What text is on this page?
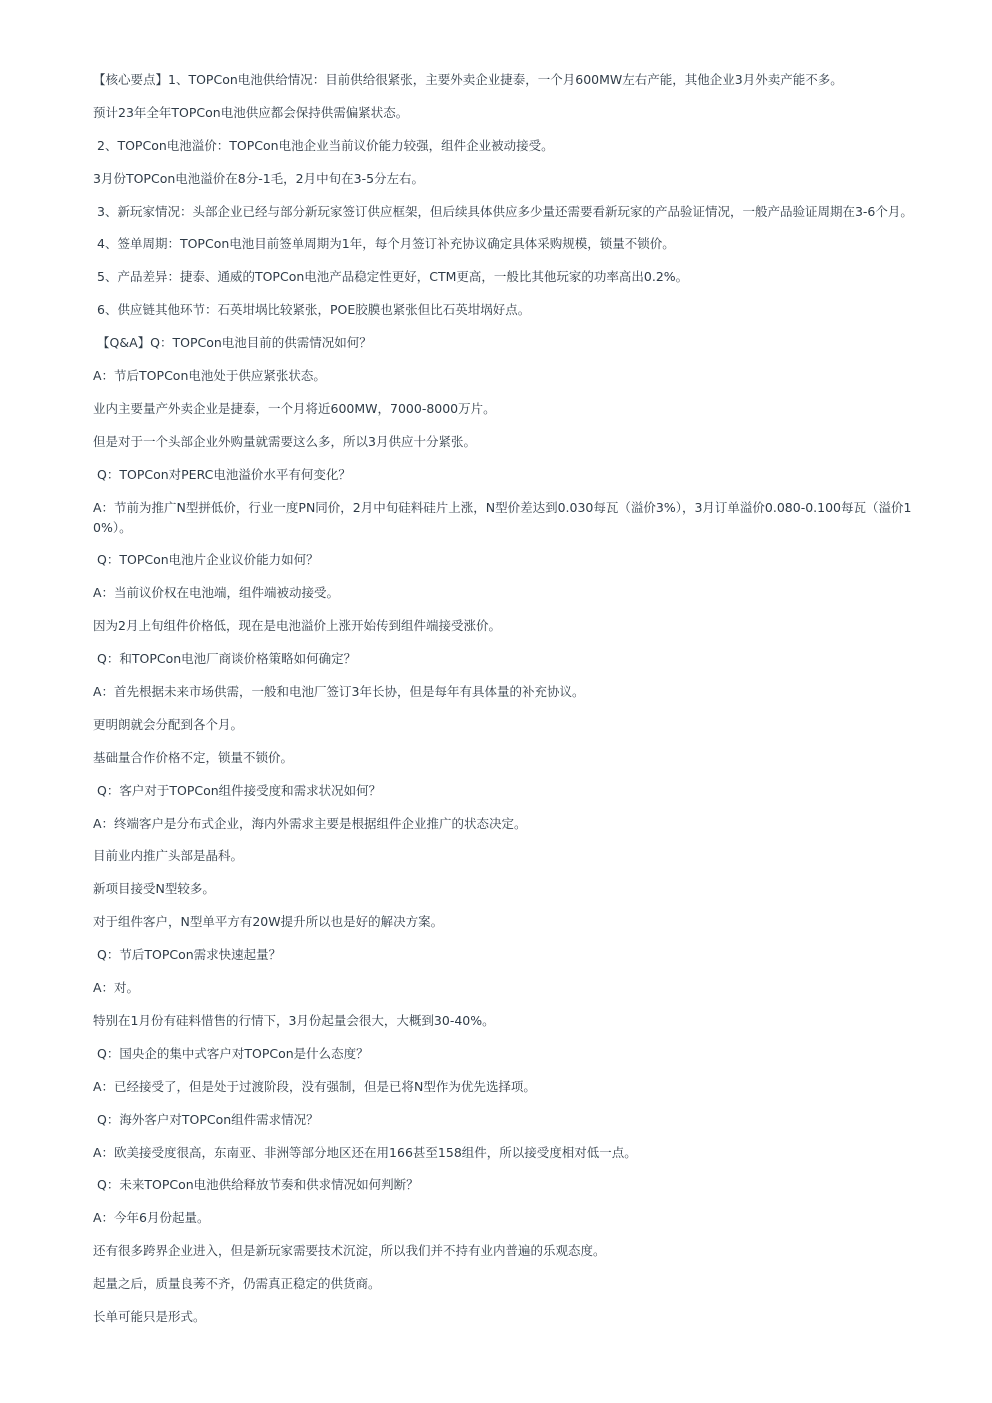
【核心要点】1、TOPCon电池供给情况：目前供给很紧张，主要外卖企业捷泰，一个月600MW左右产能，其他企业3月外卖产能不多。

预计23年全年TOPCon电池供应都会保持供需偏紧状态。

2、TOPCon电池溢价：TOPCon电池企业当前议价能力较强，组件企业被动接受。

3月份TOPCon电池溢价在8分-1毛，2月中旬在3-5分左右。

3、新玩家情况：头部企业已经与部分新玩家签订供应框架，但后续具体供应多少量还需要看新玩家的产品验证情况，一般产品验证周期在3-6个月。

4、签单周期：TOPCon电池目前签单周期为1年，每个月签订补充协议确定具体采购规模，锁量不锁价。

5、产品差异：捷泰、通威的TOPCon电池产品稳定性更好，CTM更高，一般比其他玩家的功率高出0.2%。

6、供应链其他环节：石英坩埚比较紧张，POE胶膜也紧张但比石英坩埚好点。

【Q&A】Q：TOPCon电池目前的供需情况如何？

A：节后TOPCon电池处于供应紧张状态。

业内主要量产外卖企业是捷泰，一个月将近600MW，7000-8000万片。

但是对于一个头部企业外购量就需要这么多，所以3月供应十分紧张。

Q：TOPCon对PERC电池溢价水平有何变化？

A：节前为推广N型拼低价，行业一度PN同价，2月中旬硅料硅片上涨，N型价差达到0.030每瓦（溢价3%），3月订单溢价0.080-0.100每瓦（溢价10%）。

Q：TOPCon电池片企业议价能力如何？

A：当前议价权在电池端，组件端被动接受。

因为2月上旬组件价格低，现在是电池溢价上涨开始传到组件端接受涨价。

Q：和TOPCon电池厂商谈价格策略如何确定？

A：首先根据未来市场供需，一般和电池厂签订3年长协，但是每年有具体量的补充协议。

更明朗就会分配到各个月。

基础量合作价格不定，锁量不锁价。

Q：客户对于TOPCon组件接受度和需求状况如何？

A：终端客户是分布式企业，海内外需求主要是根据组件企业推广的状态决定。

目前业内推广头部是晶科。

新项目接受N型较多。

对于组件客户，N型单平方有20W提升所以也是好的解决方案。

Q：节后TOPCon需求快速起量？

A：对。

特别在1月份有硅料惜售的行情下，3月份起量会很大，大概到30-40%。

Q：国央企的集中式客户对TOPCon是什么态度？

A：已经接受了，但是处于过渡阶段，没有强制，但是已将N型作为优先选择项。

Q：海外客户对TOPCon组件需求情况？

A：欧美接受度很高，东南亚、非洲等部分地区还在用166甚至158组件，所以接受度相对低一点。

Q：未来TOPCon电池供给释放节奏和供求情况如何判断？

A：今年6月份起量。

还有很多跨界企业进入，但是新玩家需要技术沉淀，所以我们并不持有业内普遍的乐观态度。

起量之后，质量良莠不齐，仍需真正稳定的供货商。

长单可能只是形式。
